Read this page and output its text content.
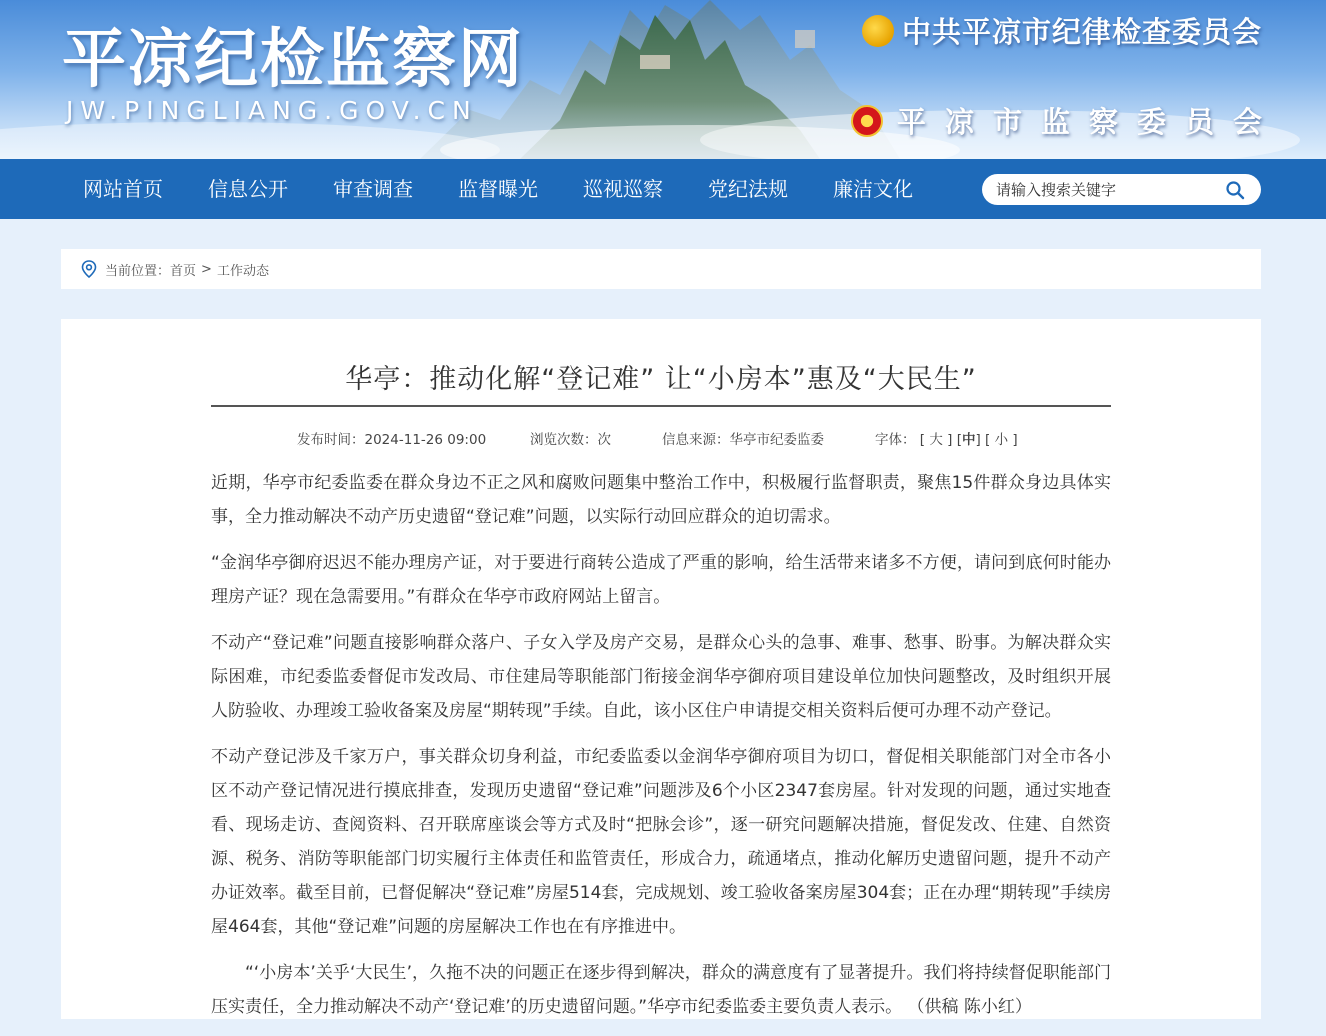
平凉纪检监察网
JW.PINGLIANG.GOV.CN
中共平凉市纪律检查委员会
平凉市监察委员会
网站首页 信息公开 审查调查 监督曝光 巡视巡察 党纪法规 廉洁文化
请输入搜索关键字
当前位置： 首页 > 工作动态
华亭：推动化解“登记难” 让“小房本”惠及“大民生”
发布时间：2024-11-26 09:00	浏览次数：次	信息来源：华亭市纪委监委	字体： [ 大 ] [中] [ 小 ]

近期，华亭市纪委监委在群众身边不正之风和腐败问题集中整治工作中，积极履行监督职责，聚焦15件群众身边具体实事，全力推动解决不动产历史遗留“登记难”问题，以实际行动回应群众的迫切需求。

“金润华亭御府迟迟不能办理房产证，对于要进行商转公造成了严重的影响，给生活带来诸多不方便，请问到底何时能办理房产证？现在急需要用。”有群众在华亭市政府网站上留言。

不动产“登记难”问题直接影响群众落户、子女入学及房产交易，是群众心头的急事、难事、愁事、盼事。为解决群众实际困难，市纪委监委督促市发改局、市住建局等职能部门衔接金润华亭御府项目建设单位加快问题整改，及时组织开展人防验收、办理竣工验收备案及房屋“期转现”手续。自此，该小区住户申请提交相关资料后便可办理不动产登记。

不动产登记涉及千家万户，事关群众切身利益，市纪委监委以金润华亭御府项目为切口，督促相关职能部门对全市各小区不动产登记情况进行摸底排查，发现历史遗留“登记难”问题涉及6个小区2347套房屋。针对发现的问题，通过实地查看、现场走访、查阅资料、召开联席座谈会等方式及时“把脉会诊”，逐一研究问题解决措施，督促发改、住建、自然资源、税务、消防等职能部门切实履行主体责任和监管责任，形成合力，疏通堵点，推动化解历史遗留问题，提升不动产办证效率。截至目前，已督促解决“登记难”房屋514套，完成规划、竣工验收备案房屋304套；正在办理“期转现”手续房屋464套，其他“登记难”问题的房屋解决工作也在有序推进中。

“‘小房本’关乎‘大民生’，久拖不决的问题正在逐步得到解决，群众的满意度有了显著提升。我们将持续督促职能部门压实责任，全力推动解决不动产‘登记难’的历史遗留问题。”华亭市纪委监委主要负责人表示。 （供稿 陈小红）
